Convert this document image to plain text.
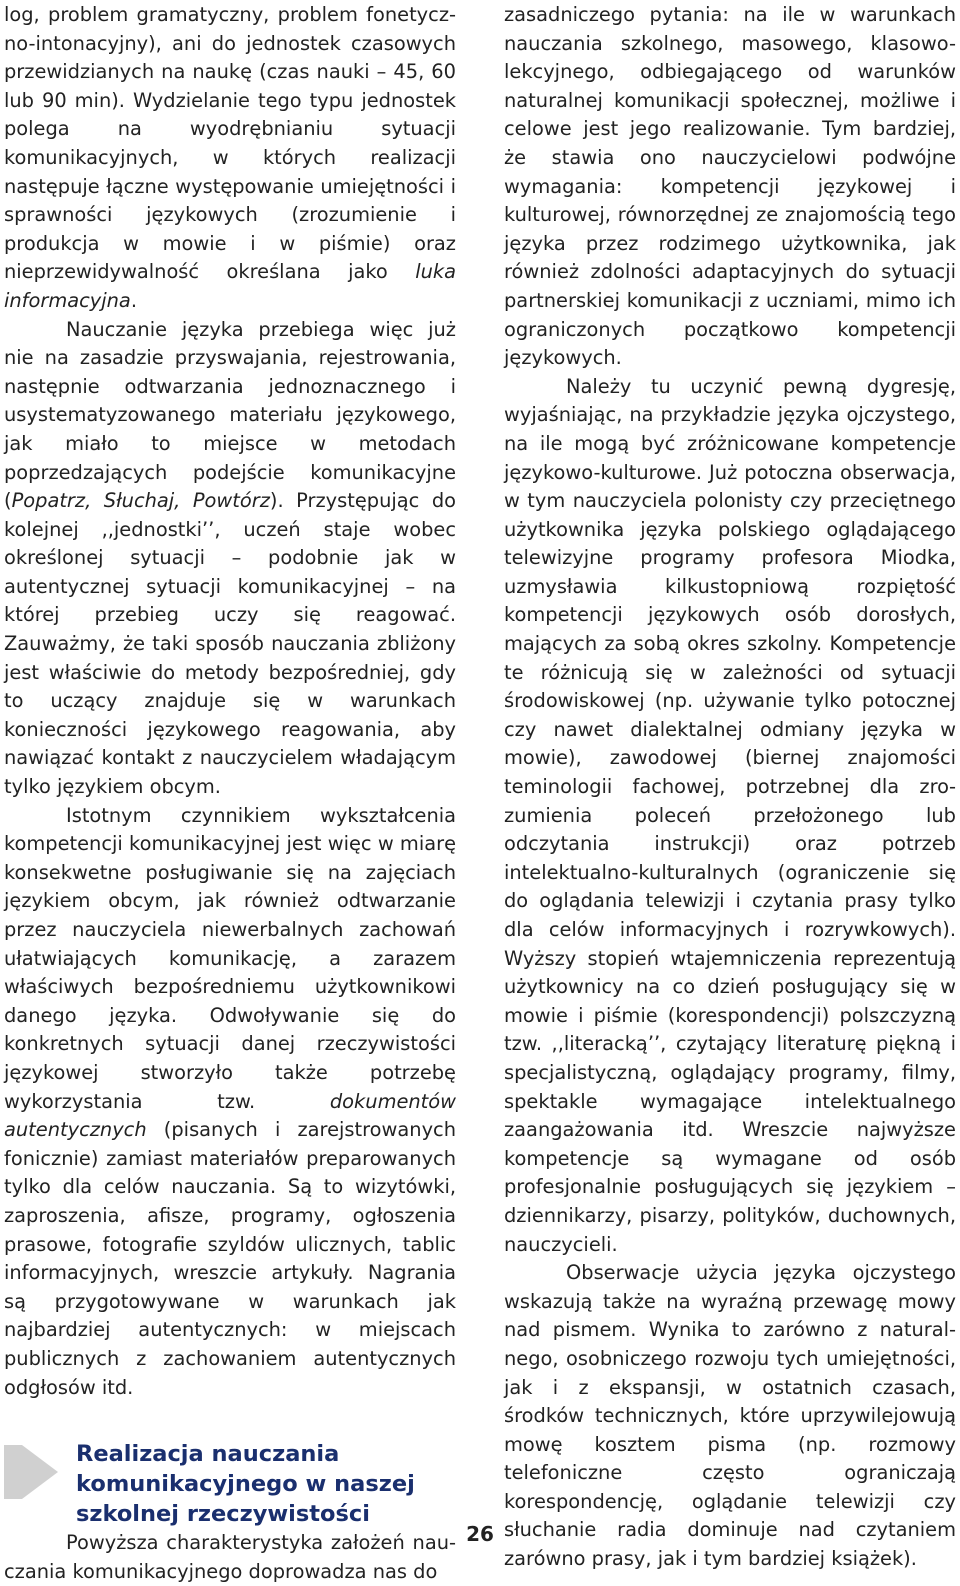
log, problem gramatyczny, problem fonetyczno-intonacyjny), ani do jednostek czasowych przewidzianych na naukę (czas nauki – 45, 60 lub 90 min). Wydzielanie tego typu jednostek polega na wyodrębnianiu sytuacji komunikacyjnych, w których realizacji następuje łączne występowanie umiejętności i sprawności językowych (zrozumienie i produkcja w mowie i w piśmie) oraz nieprzewidywalność określana jako luka informacyjna.

Nauczanie języka przebiega więc już nie na zasadzie przyswajania, rejestrowania, następnie odtwarzania jednoznacznego i usystematyzowanego materiału językowego, jak miało to miejsce w metodach poprzedzających podejście komunikacyjne (Popatrz, Słuchaj, Powtórz). Przystępując do kolejnej ,,jednostki’’, uczeń staje wobec określonej sytuacji – podobnie jak w autentycznej sytuacji komunikacyjnej – na której przebieg uczy się reagować. Zauważmy, że taki sposób nauczania zbliżony jest właściwie do metody bezpośredniej, gdy to uczący znajduje się w warunkach konieczności językowego reagowania, aby nawiązać kontakt z nauczycielem władającym tylko językiem obcym.

Istotnym czynnikiem wykształcenia kompetencji komunikacyjnej jest więc w miarę konsekwetne posługiwanie się na zajęciach językiem obcym, jak również odtwarzanie przez nauczyciela niewerbalnych zachowań ułatwiających komunikację, a zarazem właściwych bezpośredniemu użytkownikowi danego języka. Odwoływanie się do konkretnych sytuacji danej rzeczywistości językowej stworzyło także potrzebę wykorzystania tzw. dokumentów autentycznych (pisanych i zarejstrowanych fonicznie) zamiast materiałów preparowanych tylko dla celów nauczania. Są to wizytówki, zaproszenia, afisze, programy, ogłoszenia prasowe, fotografie szyldów ulicznych, tablic informacyjnych, wreszcie artykuły. Nagrania są przygotowywane w warunkach jak najbardziej autentycznych: w miejscach publicznych z zachowaniem autentycznych odgłosów itd.

Realizacja nauczania
komunikacyjnego w naszej
szkolnej rzeczywistości

Powyższa charakterystyka założeń nauczania komunikacyjnego doprowadza nas do

zasadniczego pytania: na ile w warunkach nauczania szkolnego, masowego, klasowo-lekcyjnego, odbiegającego od warunków naturalnej komunikacji społecznej, możliwe i celowe jest jego realizowanie. Tym bardziej, że stawia ono nauczycielowi podwójne wymagania: kompetencji językowej i kulturowej, równorzędnej ze znajomością tego języka przez rodzimego użytkownika, jak również zdolności adaptacyjnych do sytuacji partnerskiej komunikacji z uczniami, mimo ich ograniczonych początkowo kompetencji językowych.

Należy tu uczynić pewną dygresję, wyjaśniając, na przykładzie języka ojczystego, na ile mogą być zróżnicowane kompetencje językowo-kulturowe. Już potoczna obserwacja, w tym nauczyciela polonisty czy przeciętnego użytkownika języka polskiego oglądającego telewizyjne programy profesora Miodka, uzmysławia kilkustopniową rozpiętość kompetencji językowych osób dorosłych, mających za sobą okres szkolny. Kompetencje te różnicują się w zależności od sytuacji środowiskowej (np. używanie tylko potocznej czy nawet dialektalnej odmiany języka w mowie), zawodowej (biernej znajomości teminologii fachowej, potrzebnej dla zrozumienia poleceń przełożonego lub odczytania instrukcji) oraz potrzeb intelektualno-kulturalnych (ograniczenie się do oglądania telewizji i czytania prasy tylko dla celów informacyjnych i rozrywkowych). Wyższy stopień wtajemniczenia reprezentują użytkownicy na co dzień posługujący się w mowie i piśmie (korespondencji) polszczyzną tzw. ,,literacką’’, czytający literaturę piękną i specjalistyczną, oglądający programy, filmy, spektakle wymagające intelektualnego zaangażowania itd. Wreszcie najwyższe kompetencje są wymagane od osób profesjonalnie posługujących się językiem – dziennikarzy, pisarzy, polityków, duchownych, nauczycieli.

Obserwacje użycia języka ojczystego wskazują także na wyraźną przewagę mowy nad pismem. Wynika to zarówno z naturalnego, osobniczego rozwoju tych umiejętności, jak i z ekspansji, w ostatnich czasach, środków technicznych, które uprzywilejowują mowę kosztem pisma (np. rozmowy telefoniczne często ograniczają korespondencję, oglądanie telewizji czy słuchanie radia dominuje nad czytaniem zarówno prasy, jak i tym bardziej książek).

26
